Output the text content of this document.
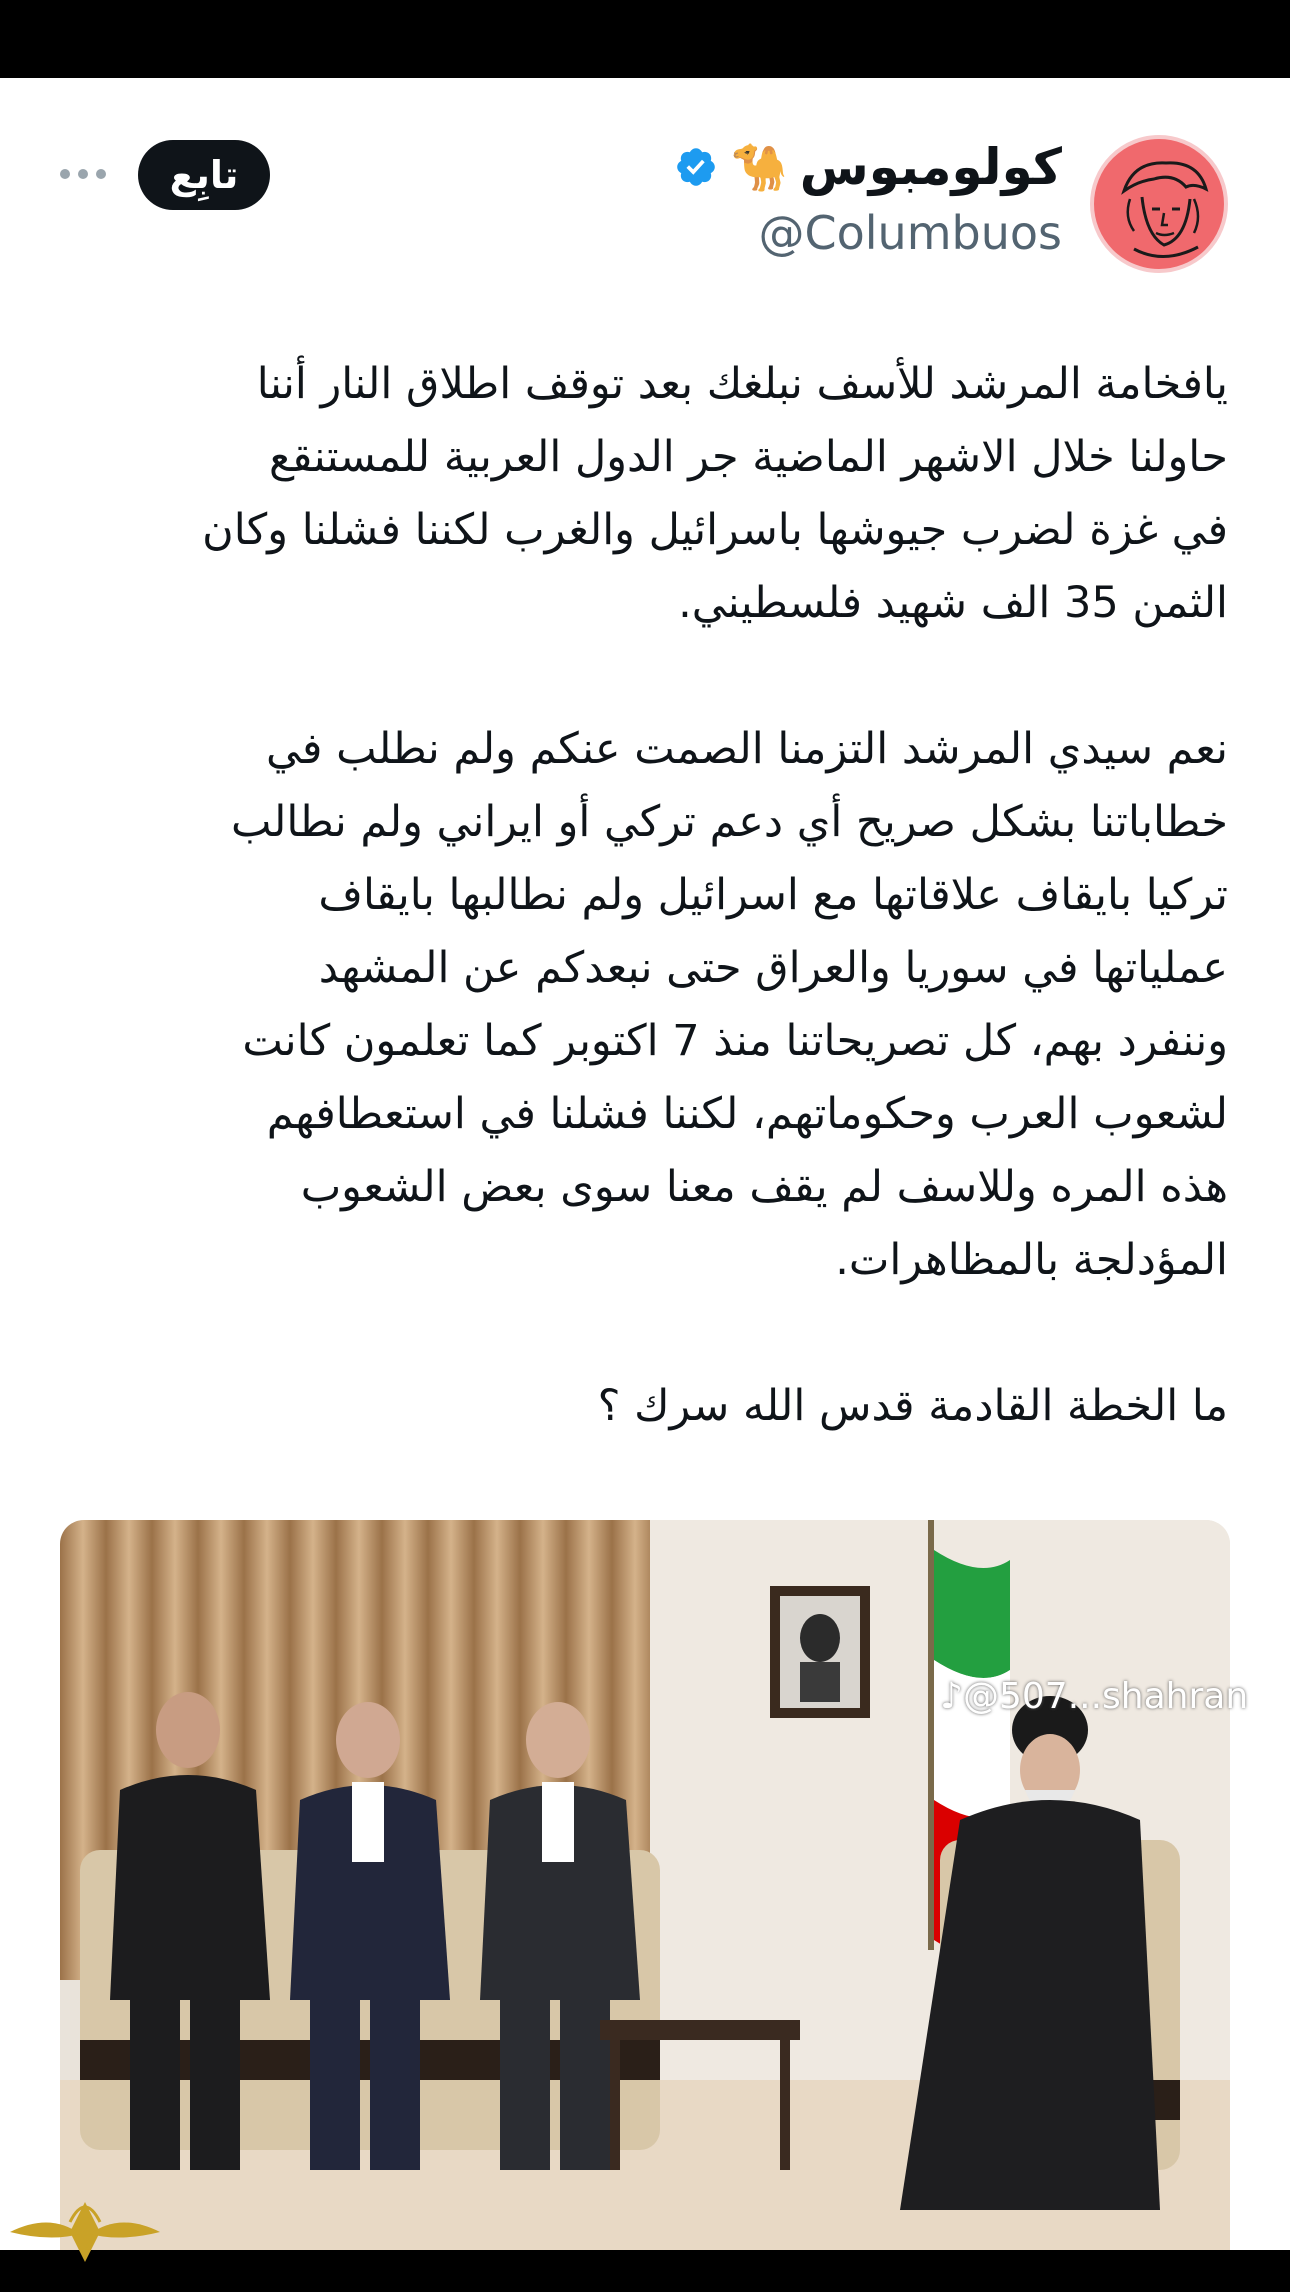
كولومبوس
🐪
@Columbuos
تابِع

يافخامة المرشد للأسف نبلغك بعد توقف اطلاق النار أننا
حاولنا خلال الاشهر الماضية جر الدول العربية للمستنقع
في غزة لضرب جيوشها باسرائيل والغرب لكننا فشلنا وكان
الثمن 35 الف شهيد فلسطيني.

نعم سيدي المرشد التزمنا الصمت عنكم ولم نطلب في
خطاباتنا بشكل صريح أي دعم تركي أو ايراني ولم نطالب
تركيا بايقاف علاقاتها مع اسرائيل ولم نطالبها بايقاف
عملياتها في سوريا والعراق حتى نبعدكم عن المشهد
وننفرد بهم، كل تصريحاتنا منذ 7 اكتوبر كما تعلمون كانت
لشعوب العرب وحكوماتهم، لكننا فشلنا في استعطافهم
هذه المره وللاسف لم يقف معنا سوى بعض الشعوب
المؤدلجة بالمظاهرات.

ما الخطة القادمة قدس الله سرك ؟

♪@507...shahran
